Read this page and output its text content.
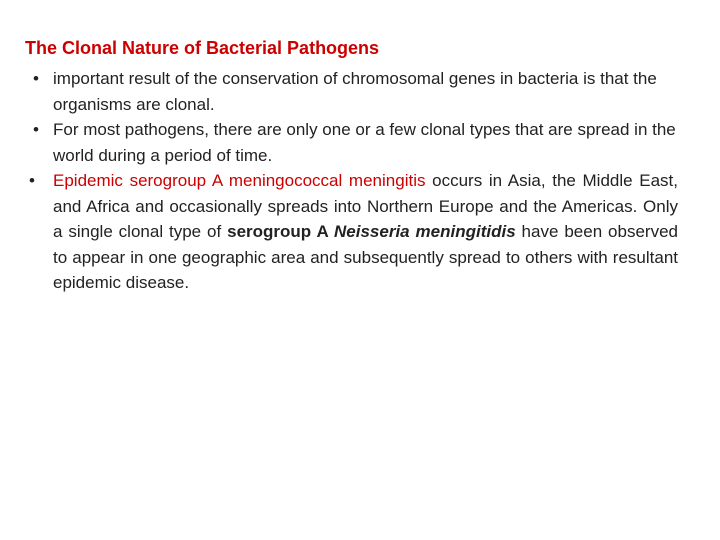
The Clonal Nature of Bacterial Pathogens
• important result of the conservation of chromosomal genes in bacteria is that the organisms are clonal.
• For most pathogens, there are only one or a few clonal types that are spread in the world during a period of time.
•	Epidemic serogroup A meningococcal meningitis occurs in Asia, the Middle East, and Africa and occasionally spreads into Northern Europe and the Americas. Only a single clonal type of serogroup A Neisseria meningitidis have been observed to appear in one geographic area and subsequently spread to others with resultant epidemic disease.
